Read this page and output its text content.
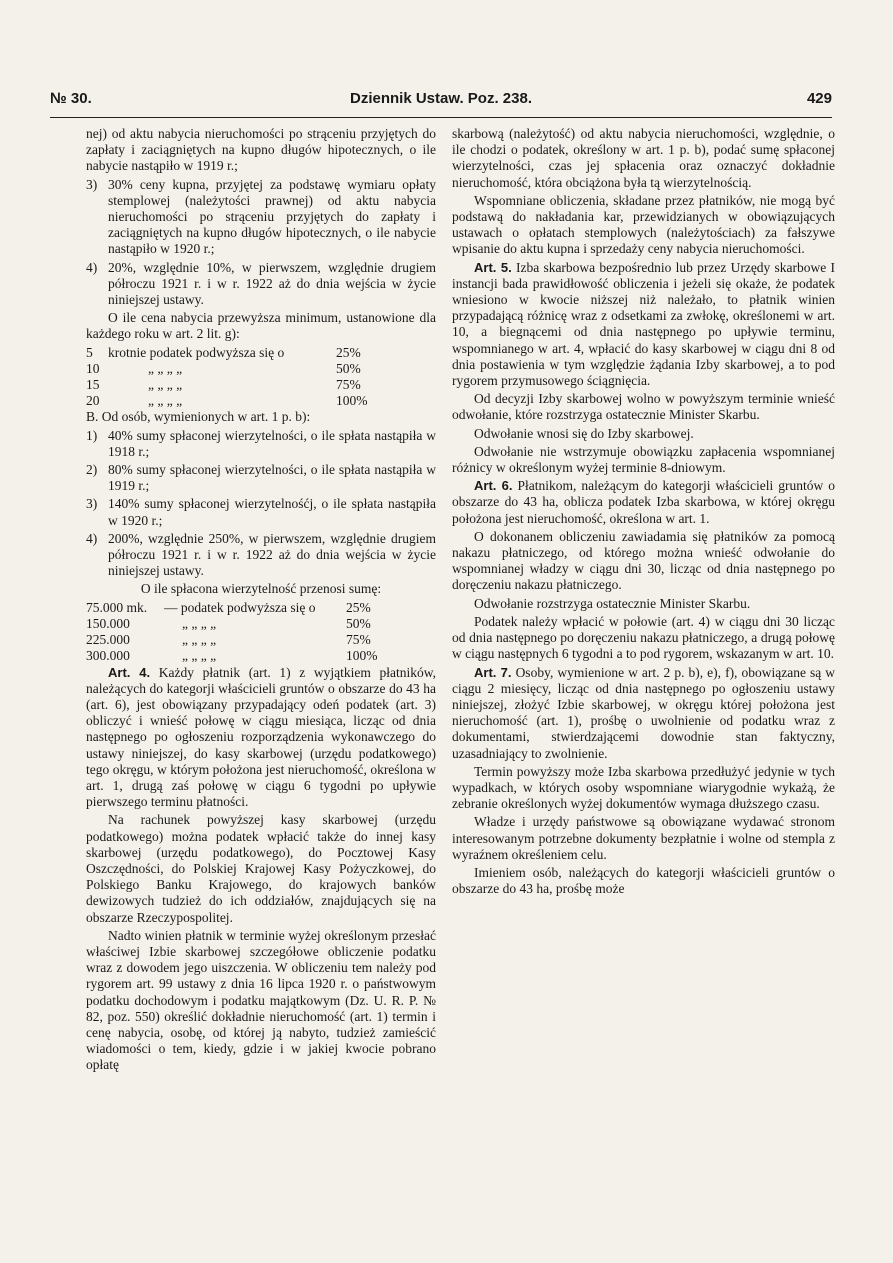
№ 30.	Dziennik Ustaw. Poz. 238.	429

nej) od aktu nabycia nieruchomości po strąceniu przyjętych do zapłaty i zaciągniętych na kupno długów hipotecznych, o ile nabycie nastąpiło w 1919 r.;

3) 30% ceny kupna, przyjętej za podstawę wymiaru opłaty stemplowej (należytości prawnej) od aktu nabycia nieruchomości po strąceniu przyjętych do zapłaty i zaciągniętych na kupno długów hipotecznych, o ile nabycie nastąpiło w 1920 r.;
4) 20%, względnie 10%, w pierwszem, względnie drugiem półroczu 1921 r. i w r. 1922 aż do dnia wejścia w życie niniejszej ustawy.

O ile cena nabycia przewyższa minimum, ustanowione dla każdego roku w art. 2 lit. g):

5	krotnie podatek podwyższa się o	25%
10	„ „ „ „	50%
15	„ „ „ „	75%
20	„ „ „ „	100%

B. Od osób, wymienionych w art. 1 p. b):

1) 40% sumy spłaconej wierzytelności, o ile spłata nastąpiła w 1918 r.;
2) 80% sumy spłaconej wierzytelności, o ile spłata nastąpiła w 1919 r.;
3) 140% sumy spłaconej wierzytelnośćj, o ile spłata nastąpiła w 1920 r.;
4) 200%, względnie 250%, w pierwszem, względnie drugiem półroczu 1921 r. i w r. 1922 aż do dnia wejścia w życie niniejszej ustawy.

O ile spłacona wierzytelność przenosi sumę:

75.000 mk.	— podatek podwyższa się o	25%
150.000	„ „ „ „	50%
225.000	„ „ „ „	75%
300.000	„ „ „ „	100%

Art. 4. Każdy płatnik (art. 1) z wyjątkiem płatników, należących do kategorji właścicieli gruntów o obszarze do 43 ha (art. 6), jest obowiązany przypadający odeń podatek (art. 3) obliczyć i wnieść połowę w ciągu miesiąca, licząc od dnia następnego po ogłoszeniu rozporządzenia wykonawczego do ustawy niniejszej, do kasy skarbowej (urzędu podatkowego) tego okręgu, w którym położona jest nieruchomość, określona w art. 1, drugą zaś połowę w ciągu 6 tygodni po upływie pierwszego terminu płatności.

Na rachunek powyższej kasy skarbowej (urzędu podatkowego) można podatek wpłacić także do innej kasy skarbowej (urzędu podatkowego), do Pocztowej Kasy Oszczędności, do Polskiej Krajowej Kasy Pożyczkowej, do Polskiego Banku Krajowego, do krajowych banków dewizowych tudzież do ich oddziałów, znajdujących się na obszarze Rzeczypospolitej.

Nadto winien płatnik w terminie wyżej określonym przesłać właściwej Izbie skarbowej szczegółowe obliczenie podatku wraz z dowodem jego uiszczenia. W obliczeniu tem należy pod rygorem art. 99 ustawy z dnia 16 lipca 1920 r. o państwowym podatku dochodowym i podatku majątkowym (Dz. U. R. P. № 82, poz. 550) określić dokładnie nieruchomość (art. 1) termin i cenę nabycia, osobę, od której ją nabyto, tudzież zamieścić wiadomości o tem, kiedy, gdzie i w jakiej kwocie pobrano opłatę

skarbową (należytość) od aktu nabycia nieruchomości, względnie, o ile chodzi o podatek, określony w art. 1 p. b), podać sumę spłaconej wierzytelności, czas jej spłacenia oraz oznaczyć dokładnie nieruchomość, która obciążona była tą wierzytelnością.

Wspomniane obliczenia, składane przez płatników, nie mogą być podstawą do nakładania kar, przewidzianych w obowiązujących ustawach o opłatach stemplowych (należytościach) za fałszywe wpisanie do aktu kupna i sprzedaży ceny nabycia nieruchomości.

Art. 5. Izba skarbowa bezpośrednio lub przez Urzędy skarbowe I instancji bada prawidłowość obliczenia i jeżeli się okaże, że podatek wniesiono w kwocie niższej niż należało, to płatnik winien przypadającą różnicę wraz z odsetkami za zwłokę, określonemi w art. 10, a biegnącemi od dnia następnego po upływie terminu, wspomnianego w art. 4, wpłacić do kasy skarbowej w ciągu dni 8 od dnia postawienia w tym względzie żądania Izby skarbowej, a to pod rygorem przymusowego ściągnięcia.

Od decyzji Izby skarbowej wolno w powyższym terminie wnieść odwołanie, które rozstrzyga ostatecznie Minister Skarbu.

Odwołanie wnosi się do Izby skarbowej.

Odwołanie nie wstrzymuje obowiązku zapłacenia wspomnianej różnicy w określonym wyżej terminie 8-dniowym.

Art. 6. Płatnikom, należącym do kategorji właścicieli gruntów o obszarze do 43 ha, oblicza podatek Izba skarbowa, w której okręgu położona jest nieruchomość, określona w art. 1.

O dokonanem obliczeniu zawiadamia się płatników za pomocą nakazu płatniczego, od którego można wnieść odwołanie do wspomnianej władzy w ciągu dni 30, licząc od dnia następnego po doręczeniu nakazu płatniczego.

Odwołanie rozstrzyga ostatecznie Minister Skarbu.

Podatek należy wpłacić w połowie (art. 4) w ciągu dni 30 licząc od dnia następnego po doręczeniu nakazu płatniczego, a drugą połowę w ciągu następnych 6 tygodni a to pod rygorem, wskazanym w art. 10.

Art. 7. Osoby, wymienione w art. 2 p. b), e), f), obowiązane są w ciągu 2 miesięcy, licząc od dnia następnego po ogłoszeniu ustawy niniejszej, złożyć Izbie skarbowej, w okręgu której położona jest nieruchomość (art. 1), prośbę o uwolnienie od podatku wraz z dokumentami, stwierdzającemi dowodnie stan faktyczny, uzasadniający to zwolnienie.

Termin powyższy może Izba skarbowa przedłużyć jedynie w tych wypadkach, w których osoby wspomniane wiarygodnie wykażą, że zebranie określonych wyżej dokumentów wymaga dłuższego czasu.

Władze i urzędy państwowe są obowiązane wydawać stronom interesowanym potrzebne dokumenty bezpłatnie i wolne od stempla z wyraźnem określeniem celu.

Imieniem osób, należących do kategorji właścicieli gruntów o obszarze do 43 ha, prośbę może
